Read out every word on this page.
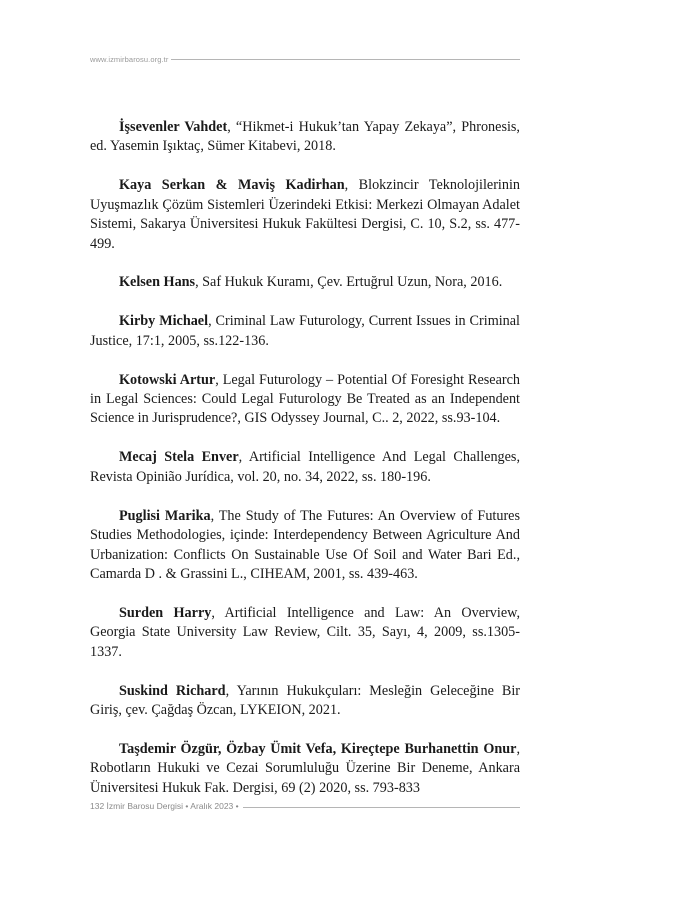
www.izmirbarosu.org.tr

İşsevenler Vahdet, “Hikmet-i Hukuk’tan Yapay Zekaya”, Phronesis, ed. Yasemin Işıktaç, Sümer Kitabevi, 2018.

Kaya Serkan & Maviş Kadirhan, Blokzincir Teknolojilerinin Uyuşmazlık Çözüm Sistemleri Üzerindeki Etkisi: Merkezi Olmayan Adalet Sistemi, Sakarya Üniversitesi Hukuk Fakültesi Dergisi, C. 10, S.2, ss. 477-499.

Kelsen Hans, Saf Hukuk Kuramı, Çev. Ertuğrul Uzun, Nora, 2016.

Kirby Michael, Criminal Law Futurology, Current Issues in Criminal Justice, 17:1, 2005, ss.122-136.

Kotowski Artur, Legal Futurology – Potential Of Foresight Research in Legal Sciences: Could Legal Futurology Be Treated as an Independent Science in Jurisprudence?, GIS Odyssey Journal, C.. 2, 2022, ss.93-104.

Mecaj Stela Enver, Artificial Intelligence And Legal Challenges, Revista Opinião Jurídica, vol. 20, no. 34, 2022, ss. 180-196.

Puglisi Marika, The Study of The Futures: An Overview of Futures Studies Methodologies, içinde: Interdependency Between Agriculture And Urbanization: Conflicts On Sustainable Use Of Soil and Water Bari Ed., Camarda D . & Grassini L., CIHEAM, 2001, ss. 439-463.

Surden Harry, Artificial Intelligence and Law: An Overview, Georgia State University Law Review, Cilt. 35, Sayı, 4, 2009, ss.1305-1337.

Suskind Richard, Yarının Hukukçuları: Mesleğin Geleceğine Bir Giriş, çev. Çağdaş Özcan, LYKEION, 2021.

Taşdemir Özgür, Özbay Ümit Vefa, Kireçtepe Burhanettin Onur, Robotların Hukuki ve Cezai Sorumluluğu Üzerine Bir Deneme, Ankara Üniversitesi Hukuk Fak. Dergisi, 69 (2) 2020, ss. 793-833

132 İzmir Barosu Dergisi • Aralık 2023 •
